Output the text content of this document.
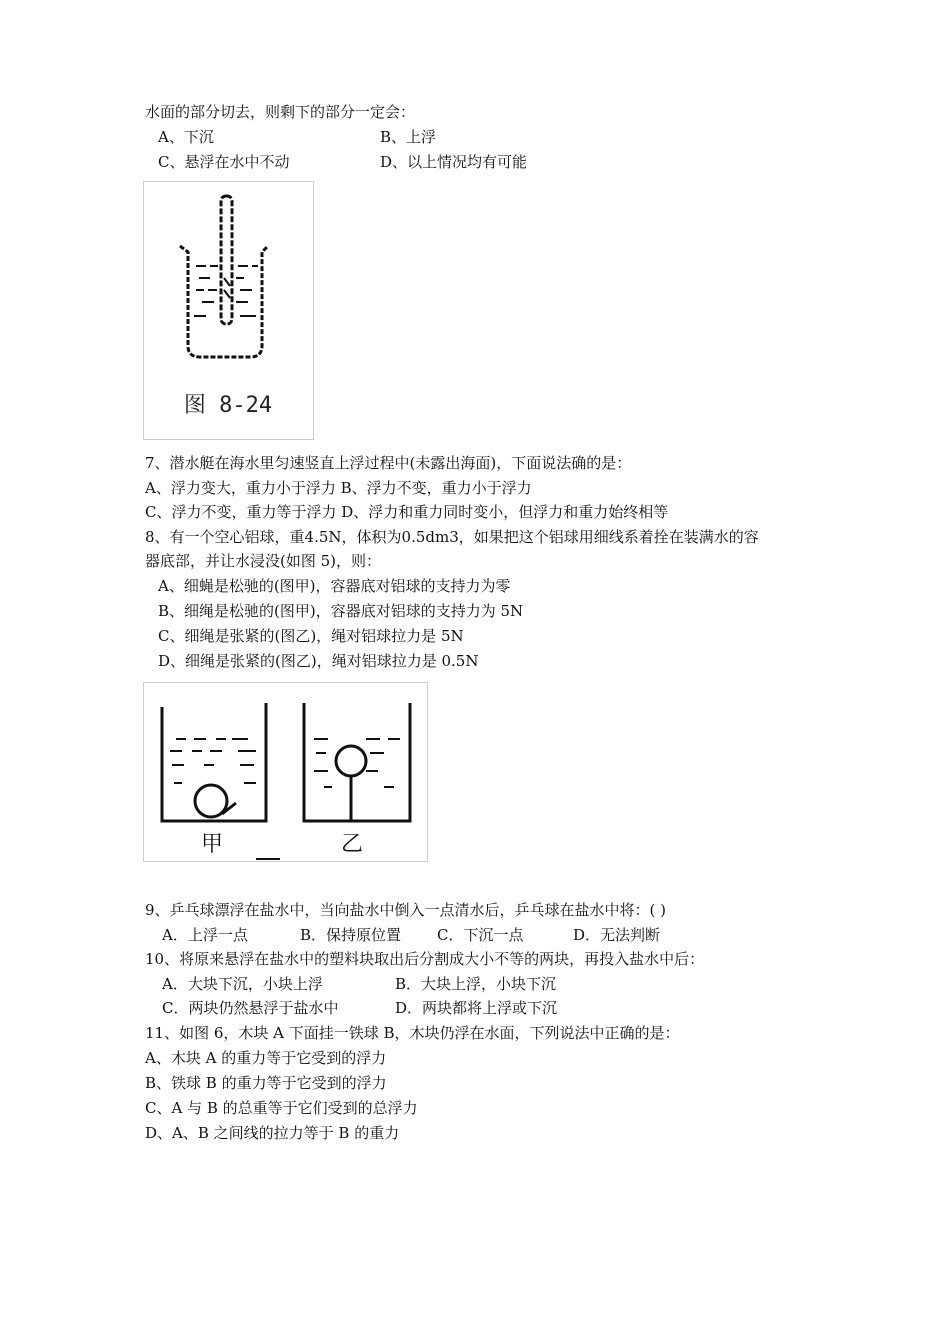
水面的部分切去，则剩下的部分一定会：
A、下沉	B、上浮
C、悬浮在水中不动	D、以上情况均有可能
图 8-24
7、潜水艇在海水里匀速竖直上浮过程中(未露出海面)，下面说法确的是：
A、浮力变大，重力小于浮力 B、浮力不变，重力小于浮力
C、浮力不变，重力等于浮力 D、浮力和重力同时变小，但浮力和重力始终相等
8、有一个空心铝球，重4.5N，体积为0.5dm3，如果把这个铝球用细线系着拴在装满水的容
器底部，并让水浸没(如图 5)，则：
A、细蝇是松驰的(图甲)，容器底对铝球的支持力为零
B、细绳是松驰的(图甲)，容器底对铝球的支持力为 5N
C、细绳是张紧的(图乙)，绳对铝球拉力是 5N
D、细绳是张紧的(图乙)，绳对铝球拉力是 0.5N
甲	乙
9、乒乓球漂浮在盐水中，当向盐水中倒入一点清水后，乒乓球在盐水中将：( )
A．上浮一点	B．保持原位置 C．下沉一点	D．无法判断
10、将原来悬浮在盐水中的塑料块取出后分割成大小不等的两块，再投入盐水中后：
A．大块下沉，小块上浮	B．大块上浮，小块下沉
C．两块仍然悬浮于盐水中	D．两块都将上浮或下沉
11、如图 6，木块 A 下面挂一铁球 B，木块仍浮在水面，下列说法中正确的是：
A、木块 A 的重力等于它受到的浮力
B、铁球 B 的重力等于它受到的浮力
C、A 与 B 的总重等于它们受到的总浮力
D、A、B 之间线的拉力等于 B 的重力
